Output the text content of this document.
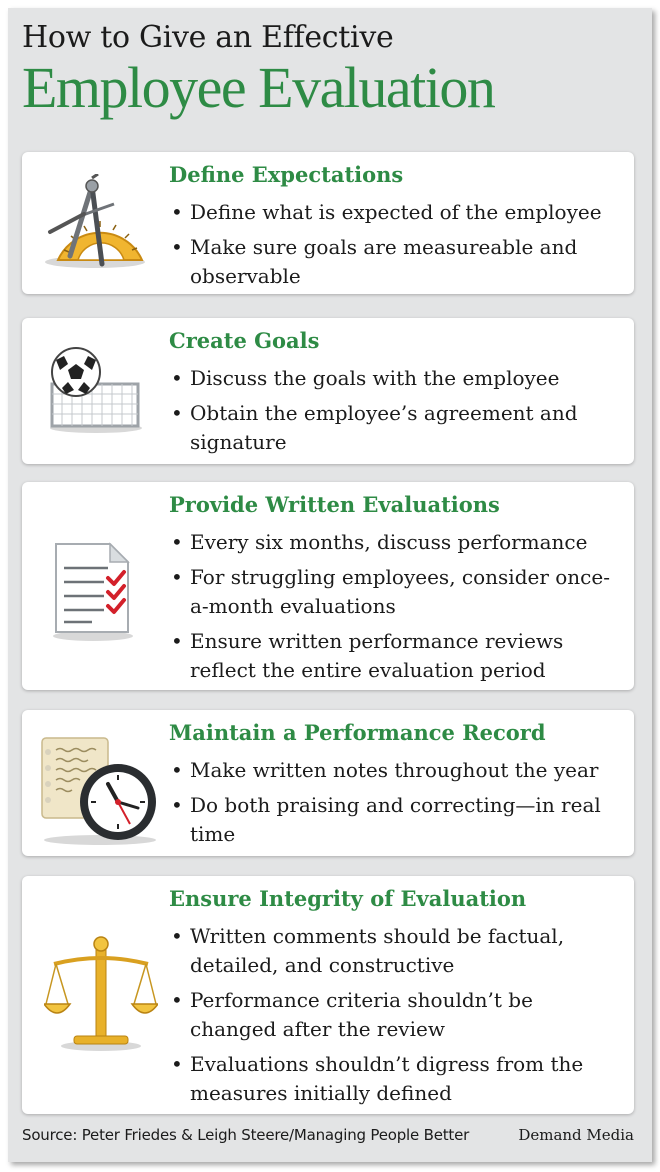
How to Give an Effective
Employee Evaluation
Define Expectations
• Define what is expected of the employee
• Make sure goals are measureable and observable
Create Goals
• Discuss the goals with the employee
• Obtain the employee’s agreement and signature
Provide Written Evaluations
• Every six months, discuss performance
• For struggling employees, consider once-a-month evaluations
• Ensure written performance reviews reflect the entire evaluation period
Maintain a Performance Record
• Make written notes throughout the year
• Do both praising and correcting—in real time
Ensure Integrity of Evaluation
• Written comments should be factual, detailed, and constructive
• Performance criteria shouldn’t be changed after the review
• Evaluations shouldn’t digress from the measures initially defined
Source: Peter Friedes & Leigh Steere/Managing People Better	Demand Media
